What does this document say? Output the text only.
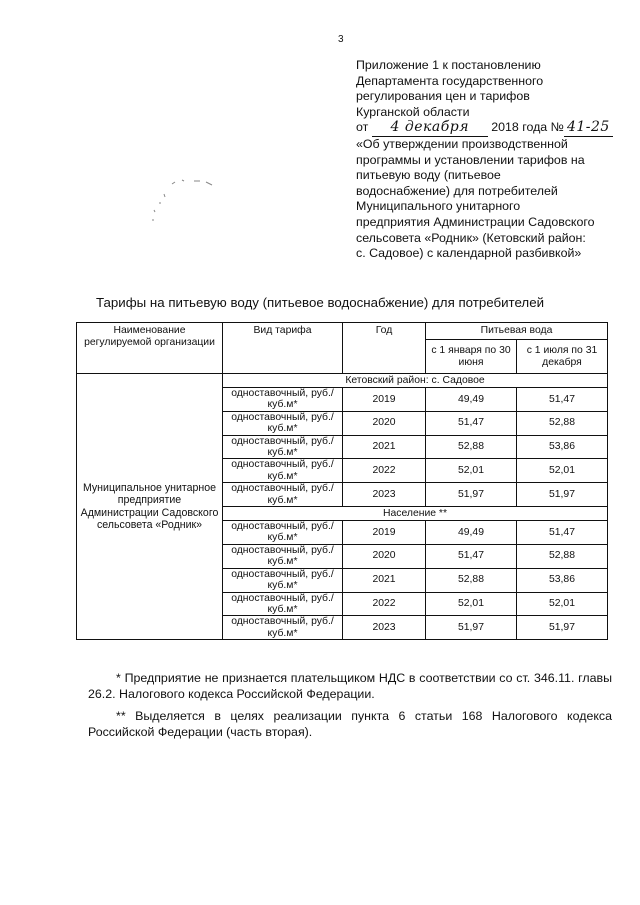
3
Приложение 1 к постановлению
Департамента государственного
регулирования цен и тарифов
Курганской области
от 4 декабря 2018 года № 41-25
«Об утверждении производственной
программы и установлении тарифов на
питьевую воду (питьевое
водоснабжение) для потребителей
Муниципального унитарного
предприятия Администрации Садовского
сельсовета «Родник» (Кетовский район:
с. Садовое) с календарной разбивкой»
Тарифы на питьевую воду (питьевое водоснабжение) для потребителей
Наименование регулируемой организации	Вид тарифа	Год	Питьевая вода	
			с 1 января по 30 июня	с 1 июля по 31 декабря
Муниципальное унитарное предприятие Администрации Садовского сельсовета «Родник»	Кетовский район: с. Садовое			
	одноставочный, руб./куб.м*	2019	49,49	51,47
	одноставочный, руб./куб.м*	2020	51,47	52,88
	одноставочный, руб./куб.м*	2021	52,88	53,86
	одноставочный, руб./куб.м*	2022	52,01	52,01
	одноставочный, руб./куб.м*	2023	51,97	51,97
	Население **			
	одноставочный, руб./куб.м*	2019	49,49	51,47
	одноставочный, руб./куб.м*	2020	51,47	52,88
	одноставочный, руб./куб.м*	2021	52,88	53,86
	одноставочный, руб./куб.м*	2022	52,01	52,01
	одноставочный, руб./куб.м*	2023	51,97	51,97

* Предприятие не признается плательщиком НДС в соответствии со ст. 346.11. главы 26.2. Налогового кодекса Российской Федерации.

** Выделяется в целях реализации пункта 6 статьи 168 Налогового кодекса Российской Федерации (часть вторая).
